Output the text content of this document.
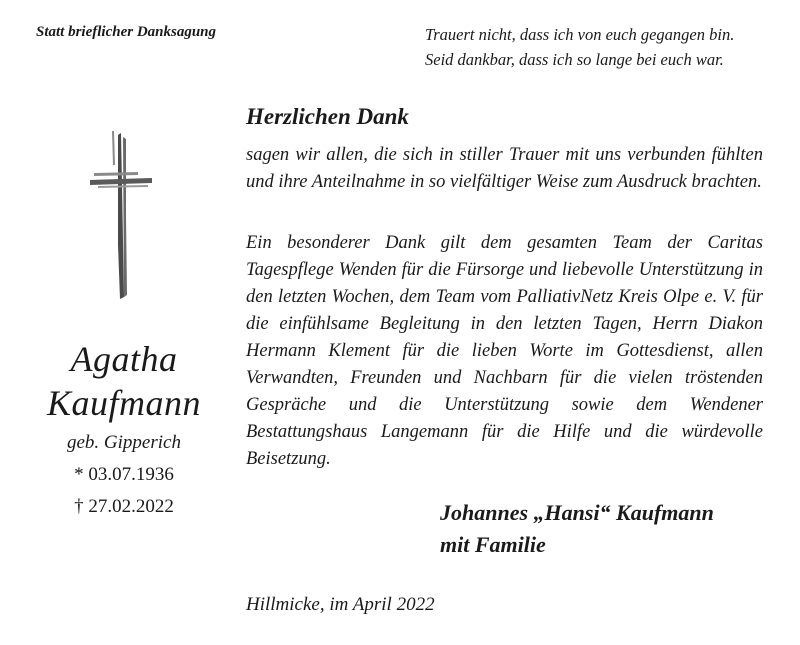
Statt brieflicher Danksagung	Trauert nicht, dass ich von euch gegangen bin.
Seid dankbar, dass ich so lange bei euch war.
Agatha
Kaufmann
geb. Gipperich
* 03.07.1936
† 27.02.2022
Herzlichen Dank
sagen wir allen, die sich in stiller Trauer mit uns verbunden fühlten und ihre Anteilnahme in so vielfältiger Weise zum Ausdruck brachten.
Ein besonderer Dank gilt dem gesamten Team der Caritas Tagespflege Wenden für die Fürsorge und liebevolle Unterstützung in den letzten Wochen, dem Team vom PalliativNetz Kreis Olpe e. V. für die einfühlsame Begleitung in den letzten Tagen, Herrn Diakon Hermann Klement für die lieben Worte im Gottesdienst, allen Verwandten, Freunden und Nachbarn für die vielen tröstenden Gespräche und die Unterstützung sowie dem Wendener Bestattungshaus Langemann für die Hilfe und die würdevolle Beisetzung.
Johannes „Hansi“ Kaufmann
mit Familie
Hillmicke, im April 2022
